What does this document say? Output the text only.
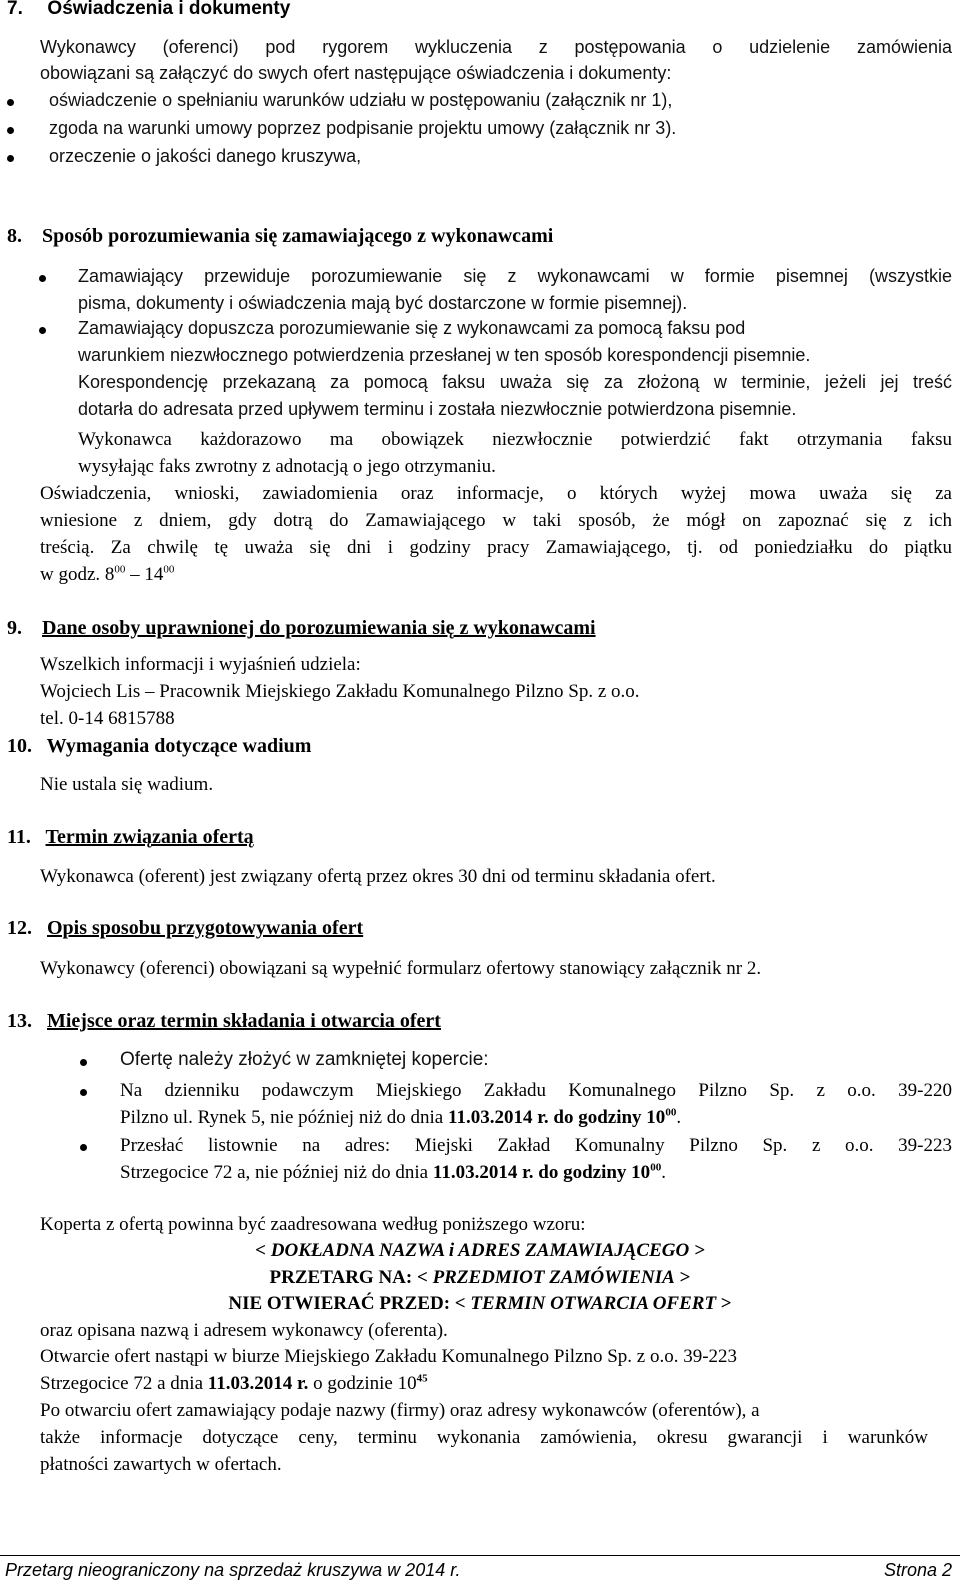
7. Oświadczenia i dokumenty
Wykonawcy (oferenci) pod rygorem wykluczenia z postępowania o udzielenie zamówienia
obowiązani są załączyć do swych ofert następujące oświadczenia i dokumenty:
oświadczenie o spełnianiu warunków udziału w postępowaniu (załącznik nr 1),
zgoda na warunki umowy poprzez podpisanie projektu umowy (załącznik nr 3).
orzeczenie o jakości danego kruszywa,
8. Sposób porozumiewania się zamawiającego z wykonawcami
Zamawiający przewiduje porozumiewanie się z wykonawcami w formie pisemnej (wszystkie
pisma, dokumenty i oświadczenia mają być dostarczone w formie pisemnej).
Zamawiający dopuszcza porozumiewanie się z wykonawcami za pomocą faksu pod
warunkiem niezwłocznego potwierdzenia przesłanej w ten sposób korespondencji pisemnie.
Korespondencję przekazaną za pomocą faksu uważa się za złożoną w terminie, jeżeli jej treść
dotarła do adresata przed upływem terminu i została niezwłocznie potwierdzona pisemnie.
Wykonawca każdorazowo ma obowiązek niezwłocznie potwierdzić fakt otrzymania faksu
wysyłając faks zwrotny z adnotacją o jego otrzymaniu.
Oświadczenia, wnioski, zawiadomienia oraz informacje, o których wyżej mowa uważa się za
wniesione z dniem, gdy dotrą do Zamawiającego w taki sposób, że mógł on zapoznać się z ich
treścią. Za chwilę tę uważa się dni i godziny pracy Zamawiającego, tj. od poniedziałku do piątku
w godz. $8^{00} - 14^{00}$
9. Dane osoby uprawnionej do porozumiewania się z wykonawcami
Wszelkich informacji i wyjaśnień udziela:
Wojciech Lis – Pracownik Miejskiego Zakładu Komunalnego Pilzno Sp. z o.o.
tel. 0-14 6815788
10. Wymagania dotyczące wadium
Nie ustala się wadium.
11. Termin związania ofertą
Wykonawca (oferent) jest związany ofertą przez okres 30 dni od terminu składania ofert.
12. Opis sposobu przygotowywania ofert
Wykonawcy (oferenci) obowiązani są wypełnić formularz ofertowy stanowiący załącznik nr 2.
13. Miejsce oraz termin składania i otwarcia ofert
Ofertę należy złożyć w zamkniętej kopercie:
Na dzienniku podawczym Miejskiego Zakładu Komunalnego Pilzno Sp. z o.o. 39-220
Pilzno ul. Rynek 5, nie później niż do dnia 11.03.2014 r. do godziny $10^{00}$.
Przesłać listownie na adres: Miejski Zakład Komunalny Pilzno Sp. z o.o. 39-223
Strzegocice 72 a, nie później niż do dnia 11.03.2014 r. do godziny $10^{00}$.
Koperta z ofertą powinna być zaadresowana według poniższego wzoru:
< DOKŁADNA NAZWA i ADRES ZAMAWIAJĄCEGO >
PRZETARG NA: < PRZEDMIOT ZAMÓWIENIA >
NIE OTWIERAĆ PRZED: < TERMIN OTWARCIA OFERT >
oraz opisana nazwą i adresem wykonawcy (oferenta).
Otwarcie ofert nastąpi w biurze Miejskiego Zakładu Komunalnego Pilzno Sp. z o.o. 39-223
Strzegocice 72 a dnia 11.03.2014 r. o godzinie $10^{45}$
Po otwarciu ofert zamawiający podaje nazwy (firmy) oraz adresy wykonawców (oferentów), a
także informacje dotyczące ceny, terminu wykonania zamówienia, okresu gwarancji i warunków
płatności zawartych w ofertach.
Przetarg nieograniczony na sprzedaż kruszywa w 2014 r.	Strona 2
